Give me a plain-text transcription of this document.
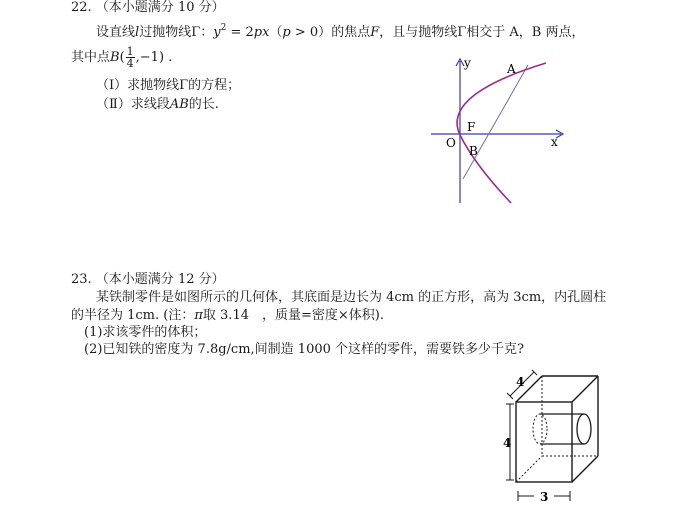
22. （本小题满分 10 分）
设直线l过抛物线Γ：$y^2 = 2px(p > 0)$的焦点F，且与抛物线Γ相交于 A，B 两点，
其中点$B( \frac{1}{4} ,-1)$ .
（Ⅰ）求抛物线Γ的方程；
（Ⅱ）求线段AB的长.
y	A
F
O	x
B
23. （本小题满分 12 分）
某铁制零件是如图所示的几何体，其底面是边长为 4cm 的正方形，高为 3cm，内孔圆柱
的半径为 1cm. (注：π取 3.14　，质量=密度×体积).
(1)求该零件的体积；
(2)已知铁的密度为 7.8g/cm,间制造 1000 个这样的零件，需要铁多少千克?
4
4
3
